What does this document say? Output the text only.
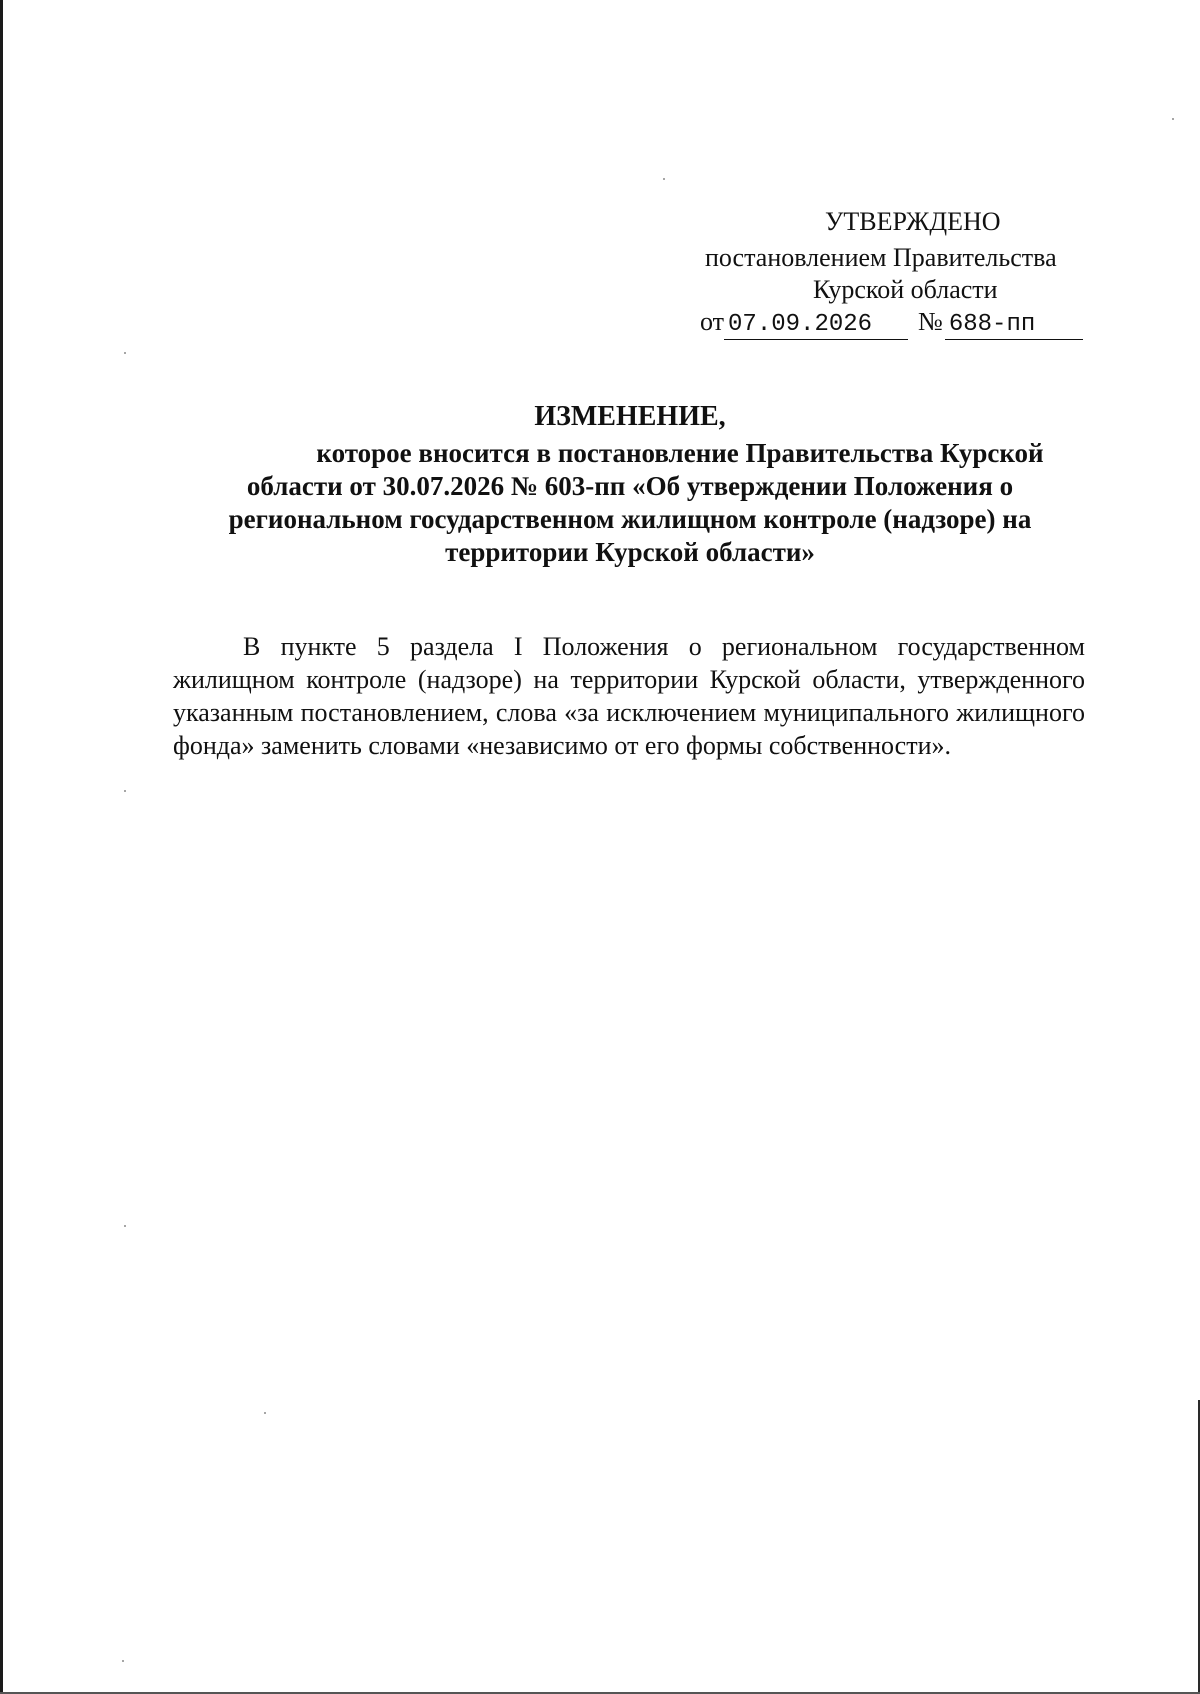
УТВЕРЖДЕНО
постановлением Правительства
Курской области
от 07.09.2026	№ 688-пп
ИЗМЕНЕНИЕ,
которое вносится в постановление Правительства Курской
области от 30.07.2026 № 603-пп «Об утверждении Положения о
региональном государственном жилищном контроле (надзоре) на
территории Курской области»

В пункте 5 раздела I Положения о региональном государственном жилищном контроле (надзоре) на территории Курской области, утвержденного указанным постановлением, слова «за исключением муниципального жилищного фонда» заменить словами «независимо от его формы собственности».
